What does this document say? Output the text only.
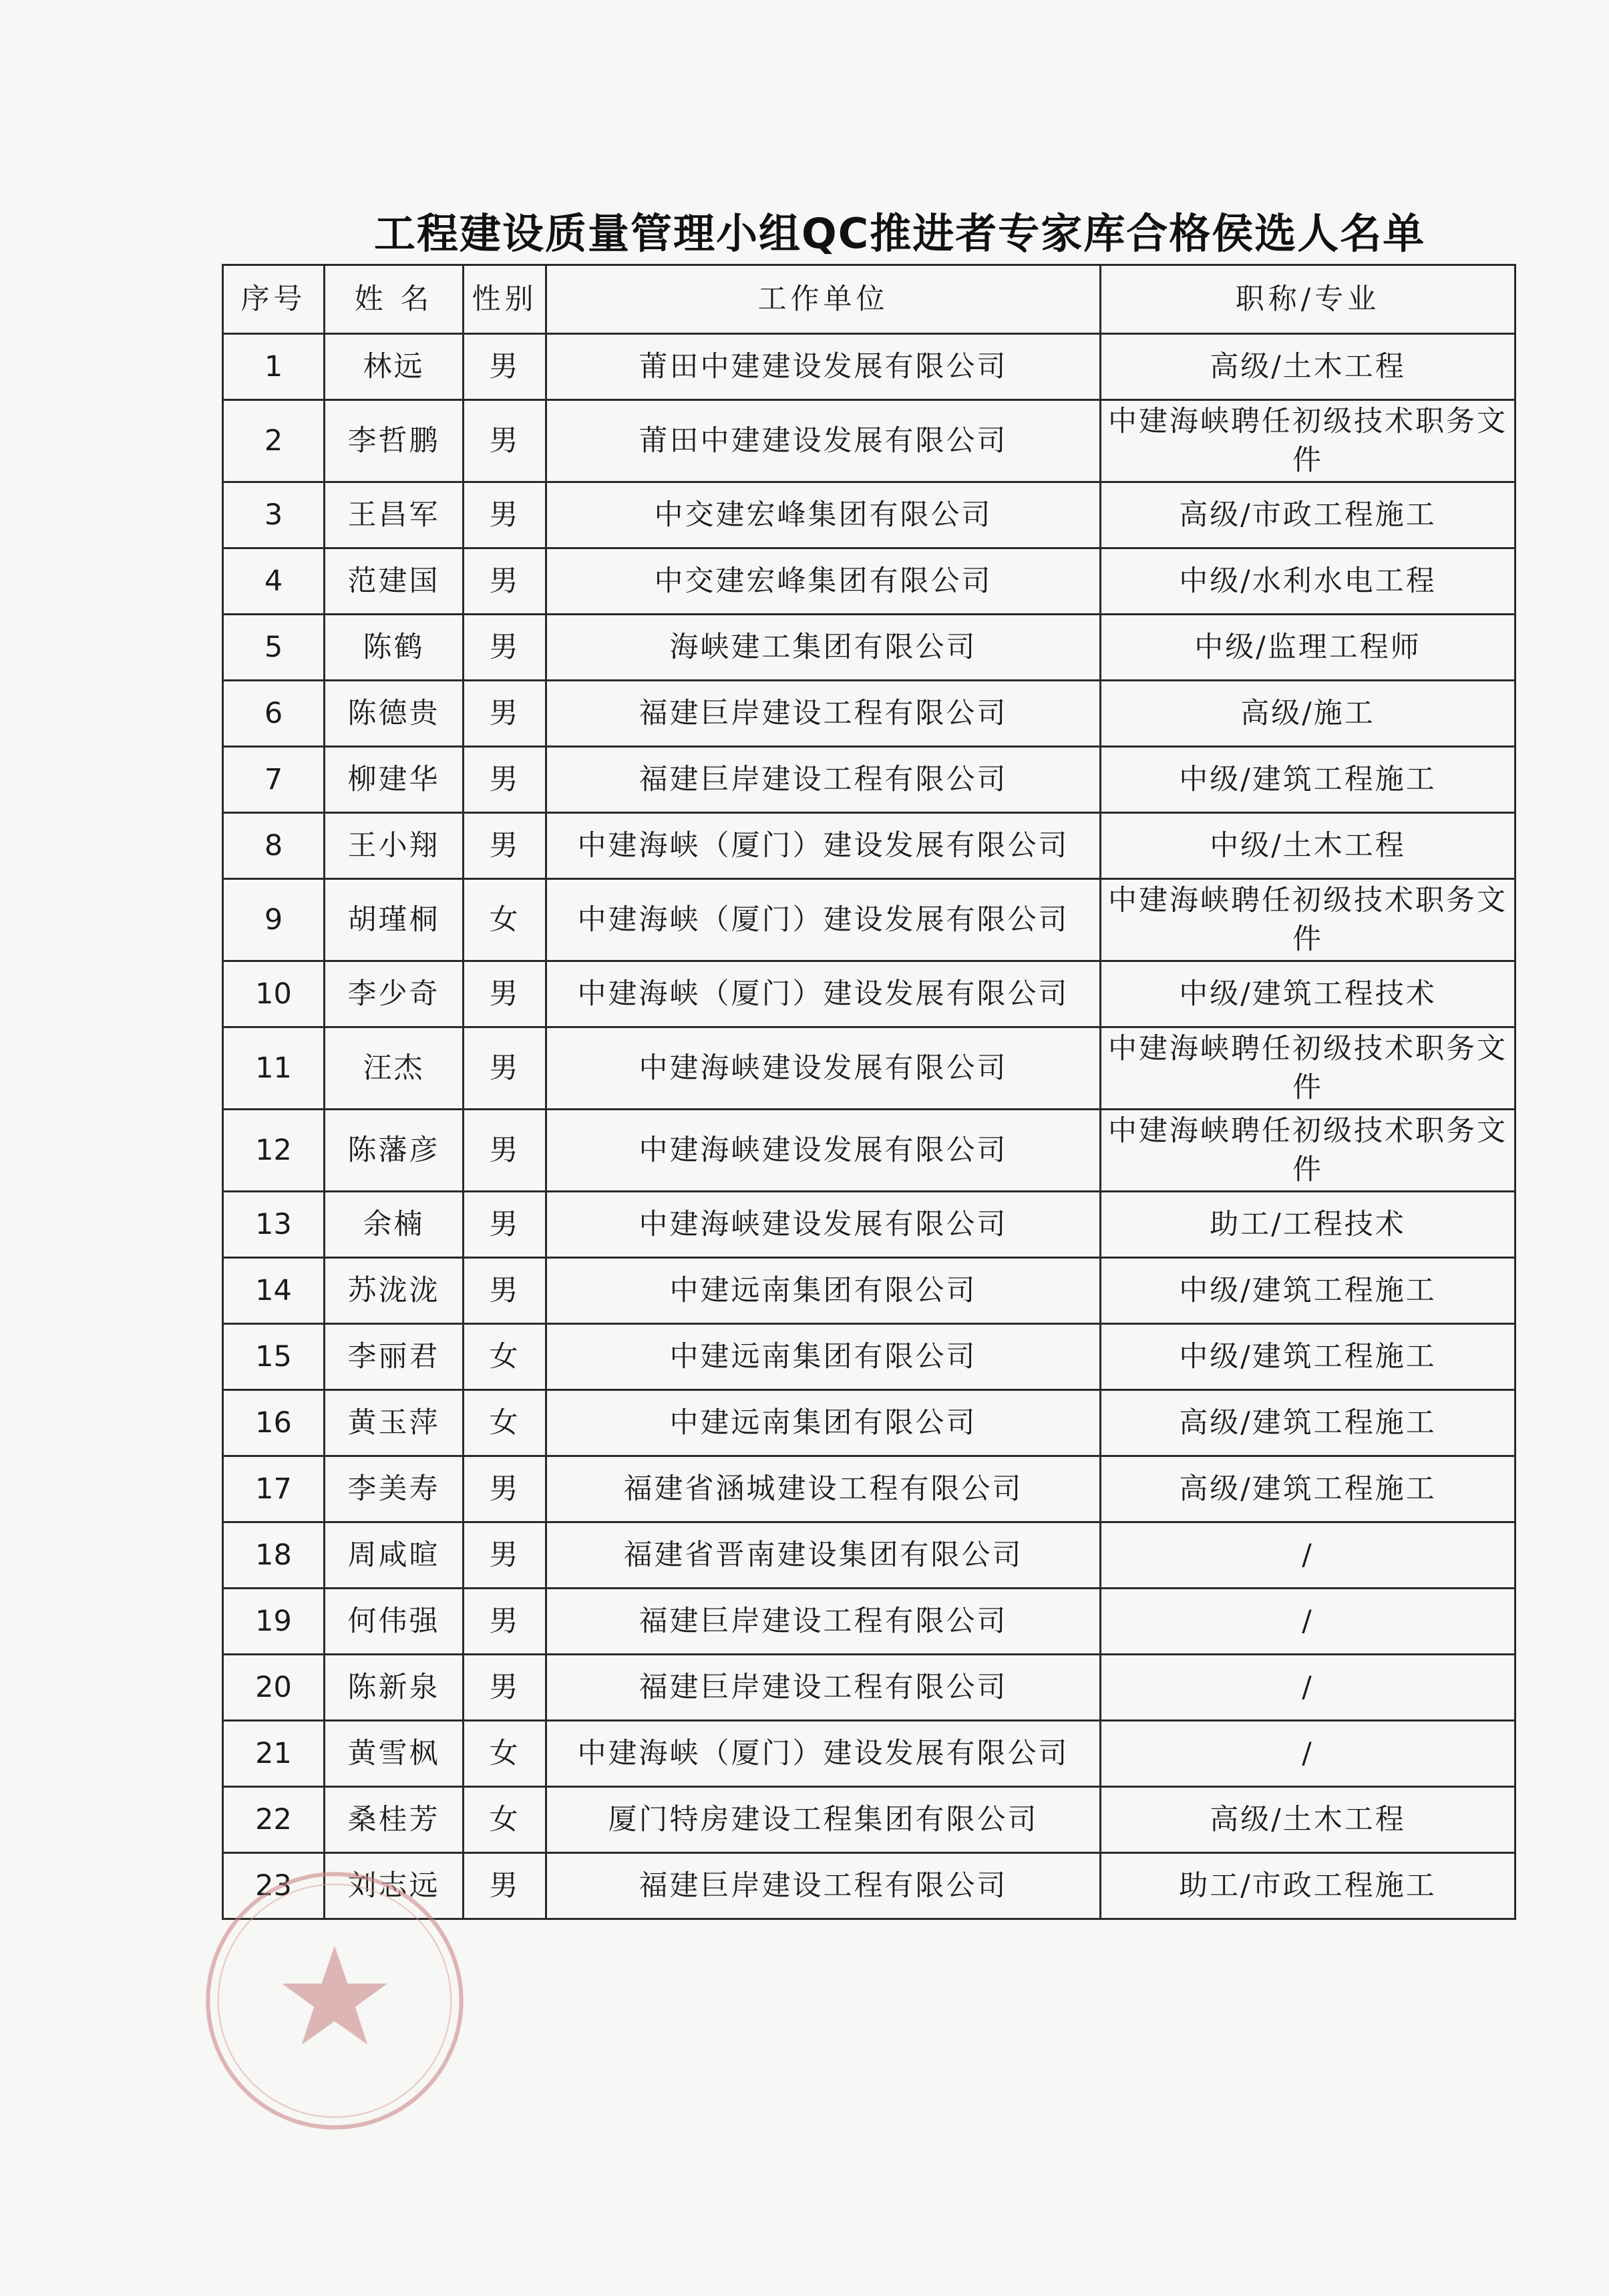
工程建设质量管理小组QC推进者专家库合格侯选人名单
序号	姓 名	性别	工作单位	职称/专业
1	林远	男	莆田中建建设发展有限公司	高级/土木工程
2	李哲鹏	男	莆田中建建设发展有限公司	中建海峡聘任初级技术职务文件
3	王昌军	男	中交建宏峰集团有限公司	高级/市政工程施工
4	范建国	男	中交建宏峰集团有限公司	中级/水利水电工程
5	陈鹤	男	海峡建工集团有限公司	中级/监理工程师
6	陈德贵	男	福建巨岸建设工程有限公司	高级/施工
7	柳建华	男	福建巨岸建设工程有限公司	中级/建筑工程施工
8	王小翔	男	中建海峡（厦门）建设发展有限公司	中级/土木工程
9	胡瑾桐	女	中建海峡（厦门）建设发展有限公司	中建海峡聘任初级技术职务文件
10	李少奇	男	中建海峡（厦门）建设发展有限公司	中级/建筑工程技术
11	汪杰	男	中建海峡建设发展有限公司	中建海峡聘任初级技术职务文件
12	陈藩彦	男	中建海峡建设发展有限公司	中建海峡聘任初级技术职务文件
13	余楠	男	中建海峡建设发展有限公司	助工/工程技术
14	苏泷泷	男	中建远南集团有限公司	中级/建筑工程施工
15	李丽君	女	中建远南集团有限公司	中级/建筑工程施工
16	黄玉萍	女	中建远南集团有限公司	高级/建筑工程施工
17	李美寿	男	福建省涵城建设工程有限公司	高级/建筑工程施工
18	周咸暄	男	福建省晋南建设集团有限公司	/
19	何伟强	男	福建巨岸建设工程有限公司	/
20	陈新泉	男	福建巨岸建设工程有限公司	/
21	黄雪枫	女	中建海峡（厦门）建设发展有限公司	/
22	桑桂芳	女	厦门特房建设工程集团有限公司	高级/土木工程
23	刘志远	男	福建巨岸建设工程有限公司	助工/市政工程施工
